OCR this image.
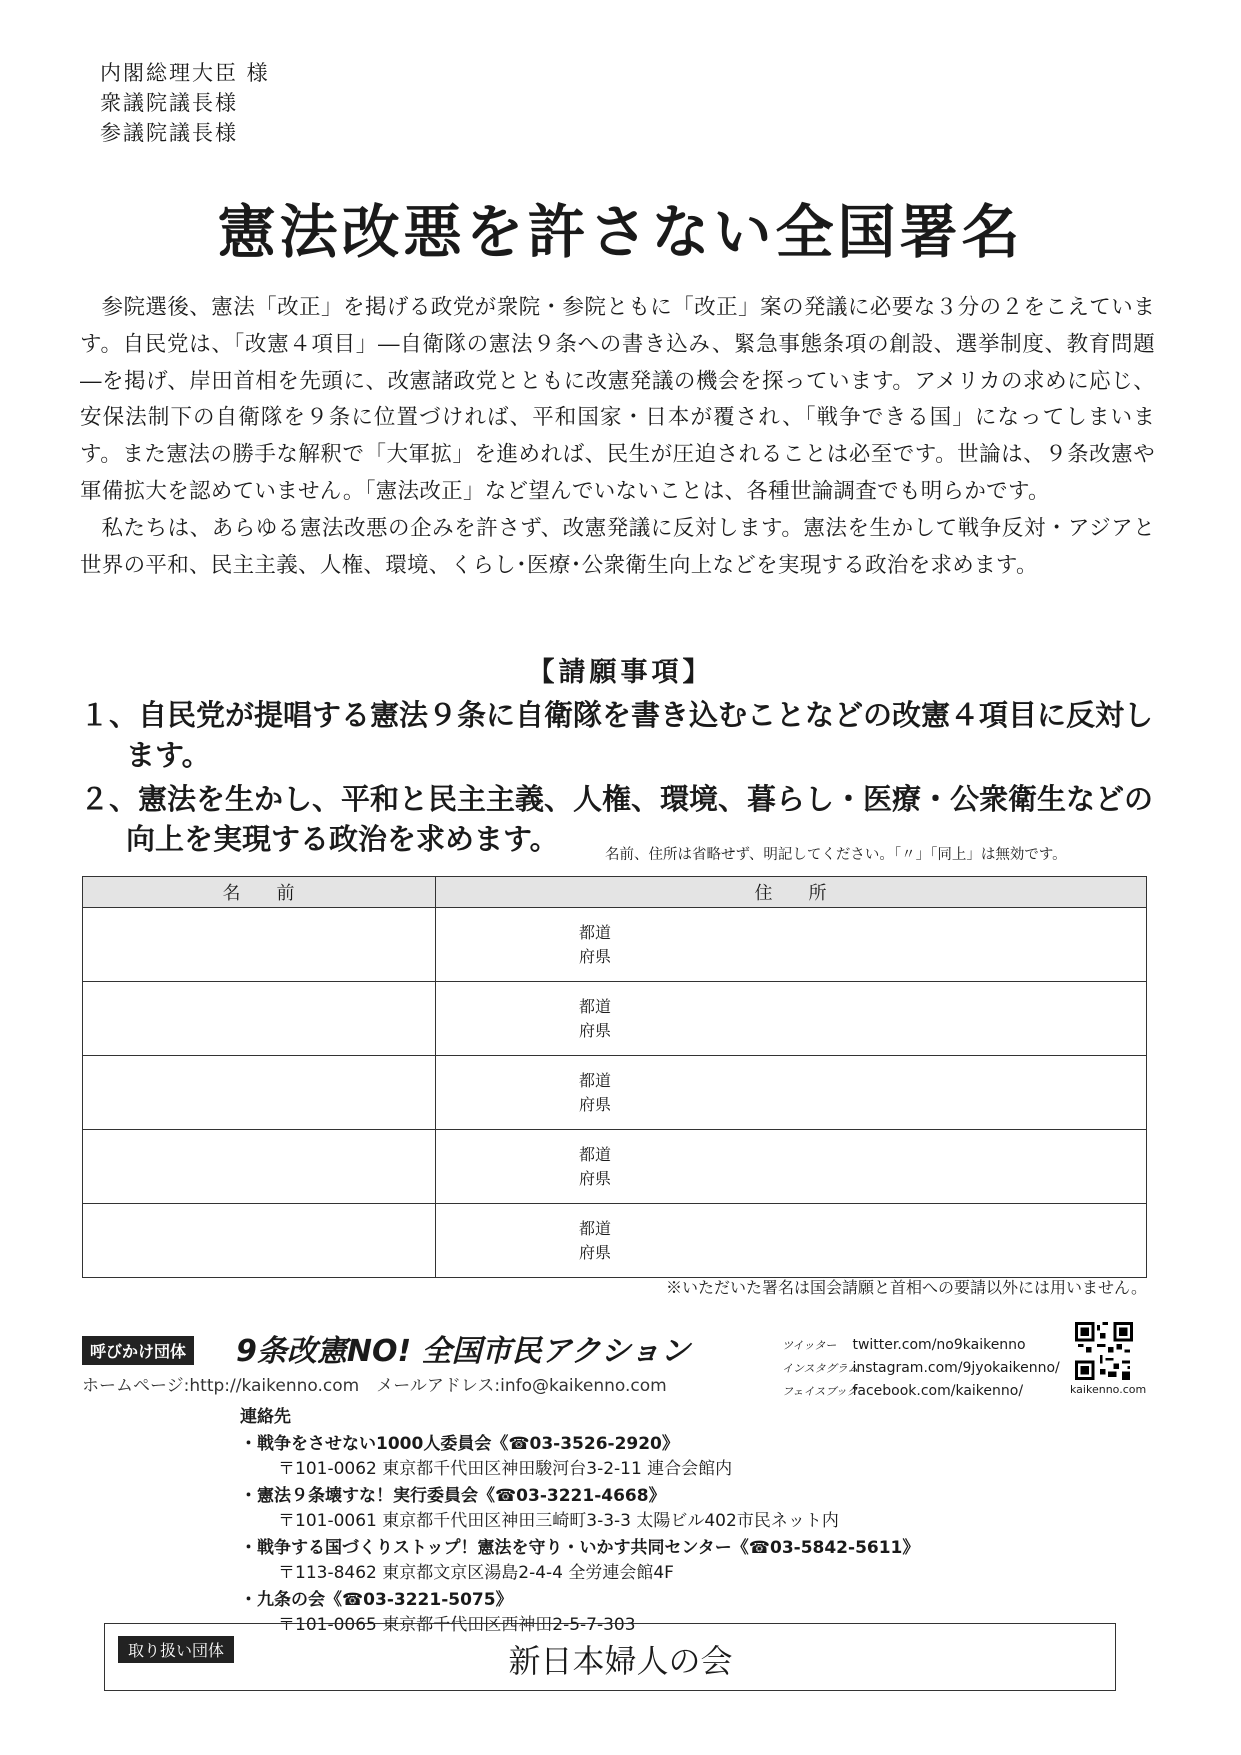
内閣総理大臣 様
衆議院議長様
参議院議長様
憲法改悪を許さない全国署名

参院選後、憲法「改正」を掲げる政党が衆院・参院ともに「改正」案の発議に必要な３分の２をこえています。自民党は、「改憲４項目」―自衛隊の憲法９条への書き込み、緊急事態条項の創設、選挙制度、教育問題―を掲げ、岸田首相を先頭に、改憲諸政党とともに改憲発議の機会を探っています。アメリカの求めに応じ、安保法制下の自衛隊を９条に位置づければ、平和国家・日本が覆され、「戦争できる国」になってしまいます。また憲法の勝手な解釈で「大軍拡」を進めれば、民生が圧迫されることは必至です。世論は、９条改憲や軍備拡大を認めていません。「憲法改正」など望んでいないことは、各種世論調査でも明らかです。

私たちは、あらゆる憲法改悪の企みを許さず、改憲発議に反対します。憲法を生かして戦争反対・アジアと世界の平和、民主主義、人権、環境、くらし･医療･公衆衛生向上などを実現する政治を求めます。

【請願事項】
１、自民党が提唱する憲法９条に自衛隊を書き込むことなどの改憲４項目に反対します。
２、憲法を生かし、平和と民主主義、人権、環境、暮らし・医療・公衆衛生などの向上を実現する政治を求めます。	名前、住所は省略せず、明記してください。「〃」「同上」は無効です。
名前	住所

	都道
府県

	都道
府県

	都道
府県

	都道
府県

	都道
府県
※いただいた署名は国会請願と首相への要請以外には用いません。
呼びかけ団体 9条改憲NO! 全国市民アクション
ホームページ:http://kaikenno.com　メールアドレス:info@kaikenno.com
ツイッター twitter.com/no9kaikenno
インスタグラム instagram.com/9jyokaikenno/
フェイスブック facebook.com/kaikenno/	kaikenno.com
連絡先
・戦争をさせない1000人委員会《☎03-3526-2920》
〒101-0062 東京都千代田区神田駿河台3-2-11 連合会館内
・憲法９条壊すな！実行委員会《☎03-3221-4668》
〒101-0061 東京都千代田区神田三崎町3-3-3 太陽ビル402市民ネット内
・戦争する国づくりストップ！憲法を守り・いかす共同センター《☎03-5842-5611》
〒113-8462 東京都文京区湯島2-4-4 全労連会館4F
・九条の会《☎03-3221-5075》
〒101-0065 東京都千代田区西神田2-5-7-303
取り扱い団体	新日本婦人の会
